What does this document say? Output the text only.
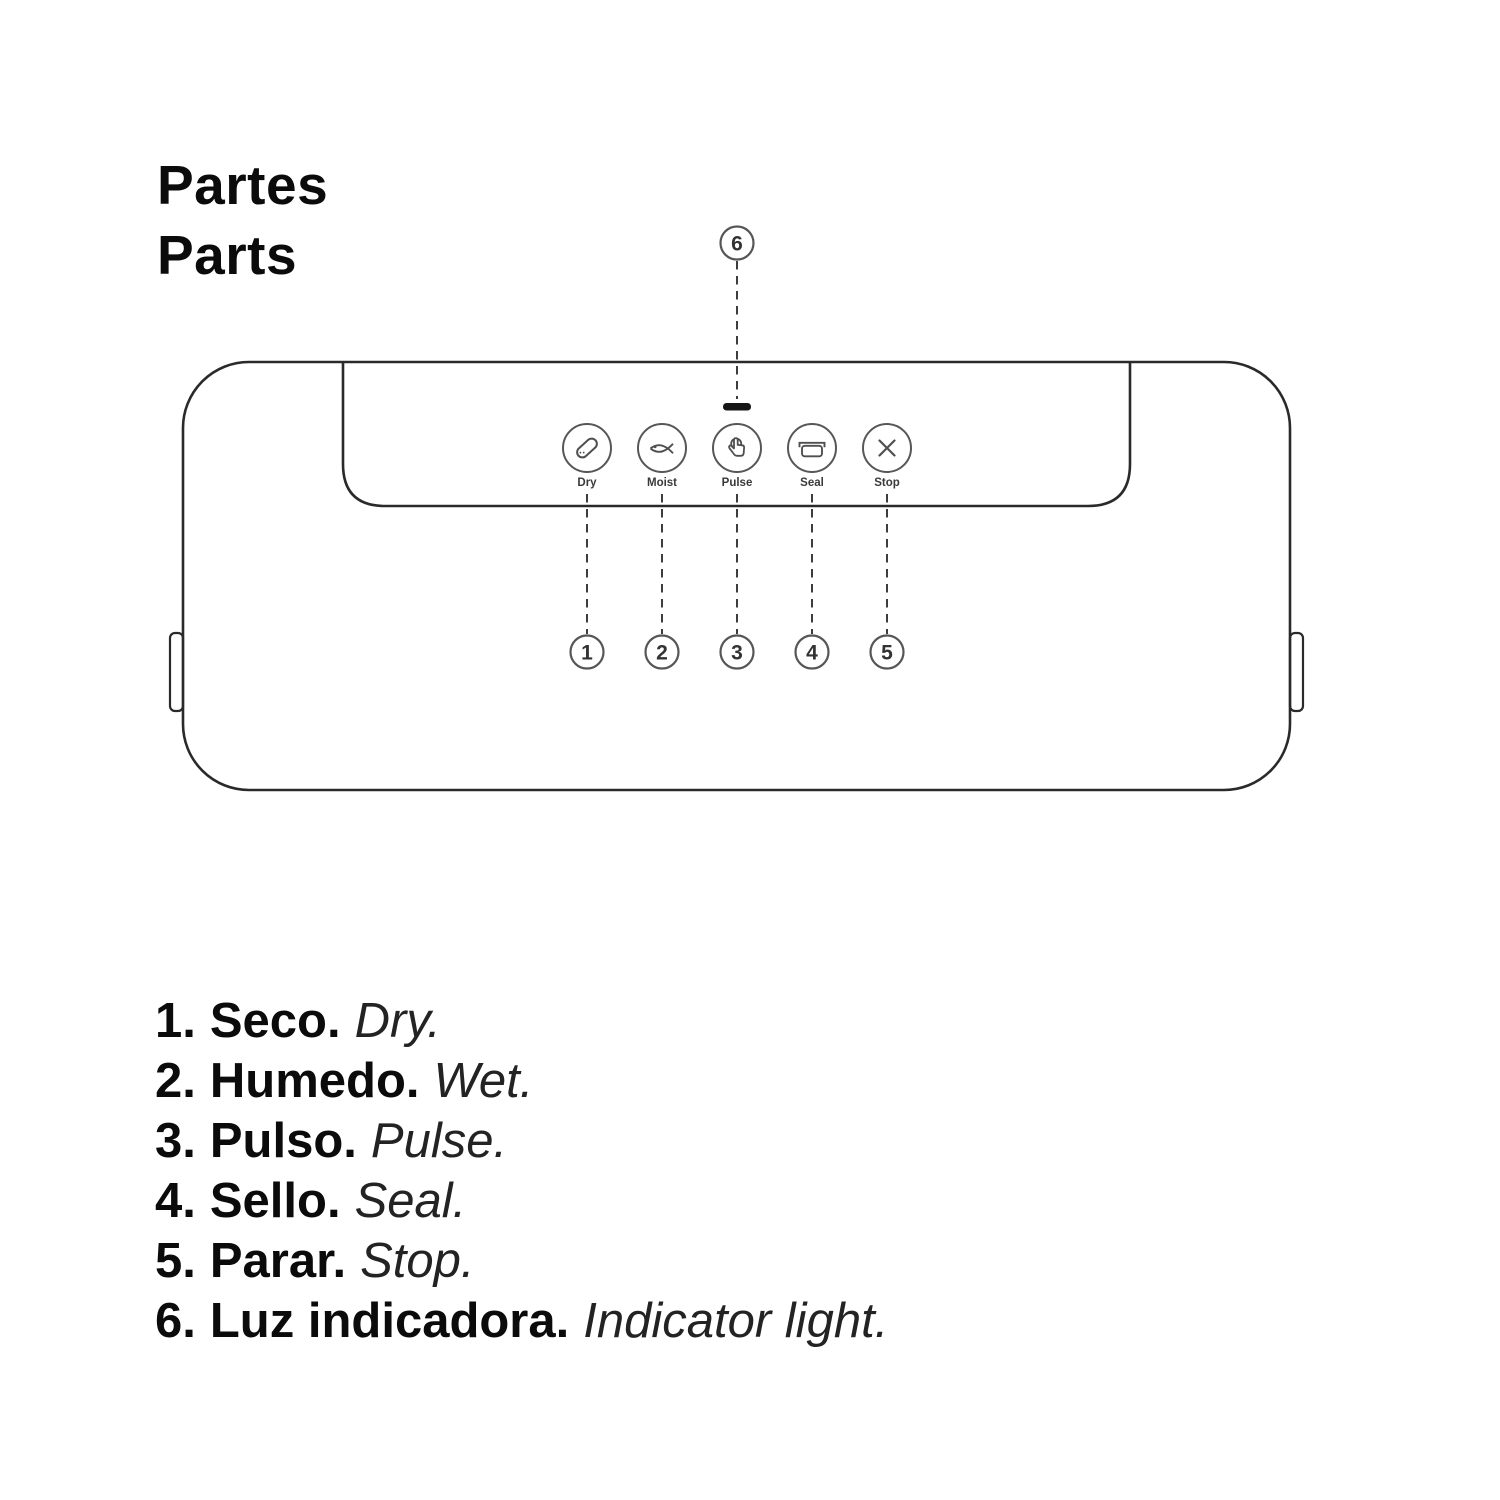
Partes
Parts	6
Dry	Moist	Pulse	Seal	Stop
1	2	3	4	5
1. Seco. Dry.
2. Humedo. Wet.
3. Pulso. Pulse.
4. Sello. Seal.
5. Parar. Stop.
6. Luz indicadora. Indicator light.
